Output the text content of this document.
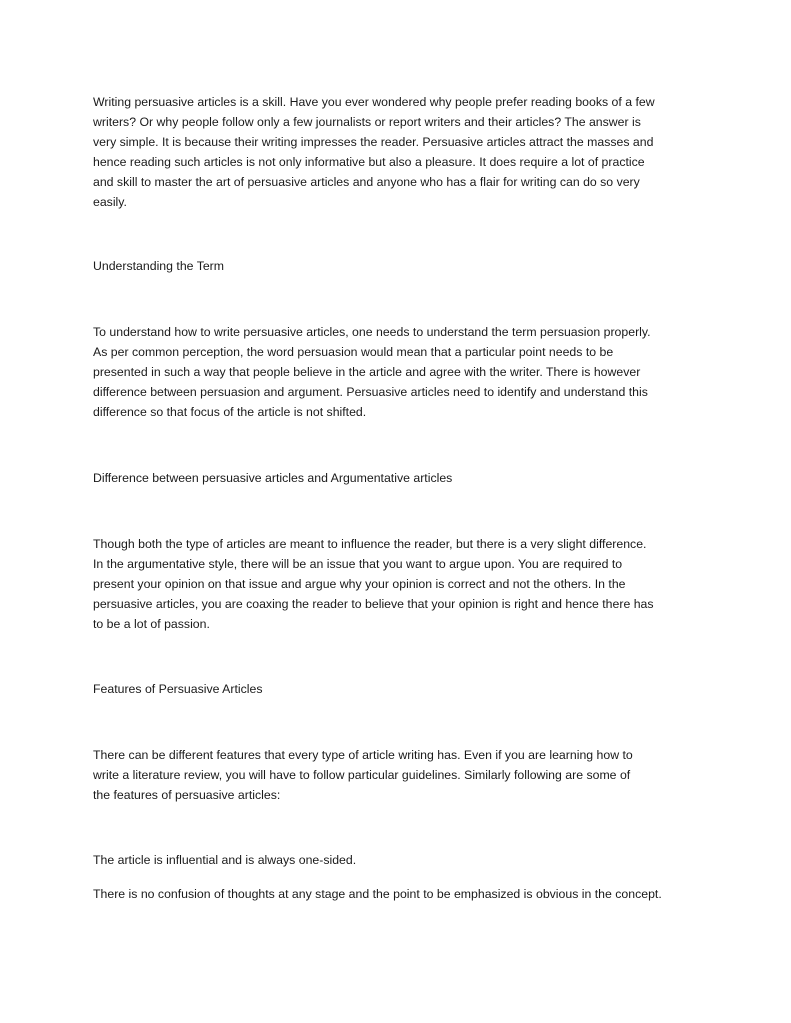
Writing persuasive articles is a skill. Have you ever wondered why people prefer reading books of a few
writers? Or why people follow only a few journalists or report writers and their articles? The answer is
very simple. It is because their writing impresses the reader. Persuasive articles attract the masses and
hence reading such articles is not only informative but also a pleasure. It does require a lot of practice
and skill to master the art of persuasive articles and anyone who has a flair for writing can do so very
easily.

Understanding the Term

To understand how to write persuasive articles, one needs to understand the term persuasion properly.
As per common perception, the word persuasion would mean that a particular point needs to be
presented in such a way that people believe in the article and agree with the writer. There is however
difference between persuasion and argument. Persuasive articles need to identify and understand this
difference so that focus of the article is not shifted.

Difference between persuasive articles and Argumentative articles

Though both the type of articles are meant to influence the reader, but there is a very slight difference.
In the argumentative style, there will be an issue that you want to argue upon. You are required to
present your opinion on that issue and argue why your opinion is correct and not the others. In the
persuasive articles, you are coaxing the reader to believe that your opinion is right and hence there has
to be a lot of passion.

Features of Persuasive Articles

There can be different features that every type of article writing has. Even if you are learning how to
write a literature review, you will have to follow particular guidelines. Similarly following are some of
the features of persuasive articles:

The article is influential and is always one-sided.

There is no confusion of thoughts at any stage and the point to be emphasized is obvious in the concept.
